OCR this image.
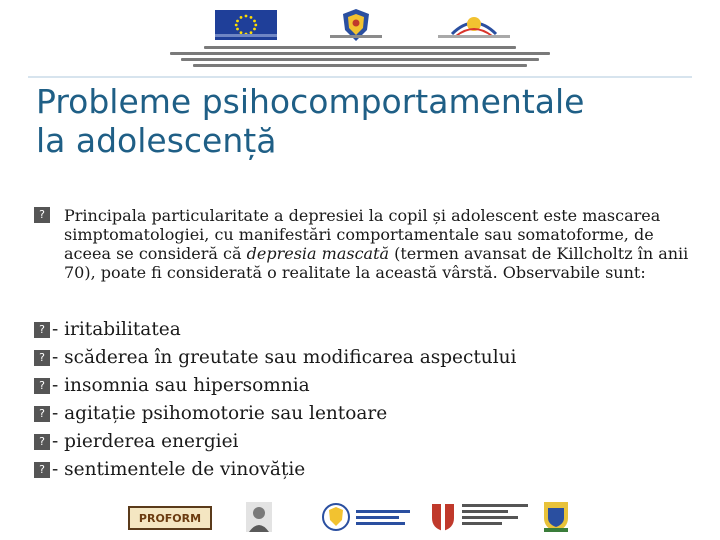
Probleme psihocomportamentale
la adolescență

?	Principala particularitate a depresiei la copil și adolescent este mascarea simptomatologiei, cu manifestări comportamentale sau somatoforme, de aceea se consideră că depresia mascată (termen avansat de Killcholtz în anii 70), poate fi considerată o realitate la această vârstă. Observabile sunt:

? - iritabilitatea
? - scăderea în greutate sau modificarea aspectului
? - insomnia sau hipersomnia
? - agitație psihomotorie sau lentoare
? - pierderea energiei
? - sentimentele de vinovăție
PROFORM
